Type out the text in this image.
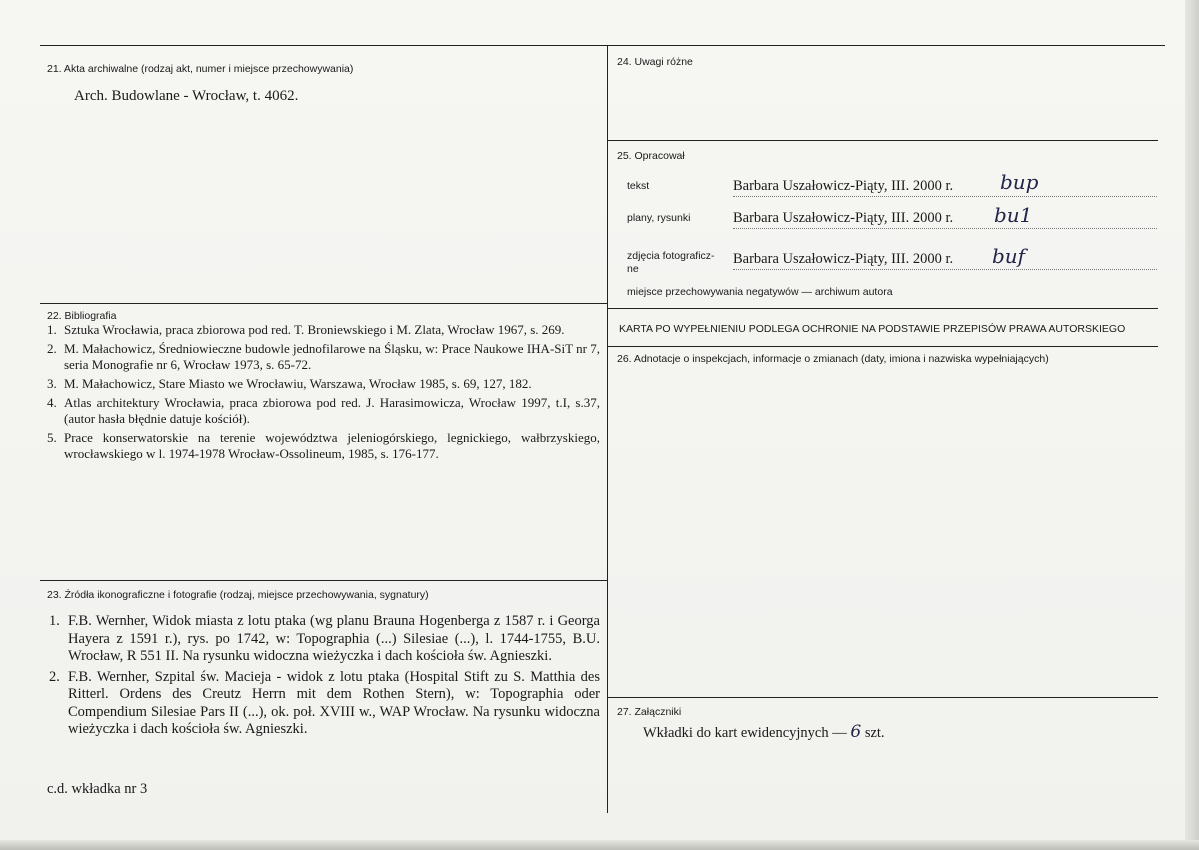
21. Akta archiwalne (rodzaj akt, numer i miejsce przechowywania)
Arch. Budowlane - Wrocław, t. 4062.
24. Uwagi różne
25. Opracował
tekst	Barbara Uszałowicz-Piąty, III. 2000 r. bup
plany, rysunki	Barbara Uszałowicz-Piąty, III. 2000 r. bu1
zdjęcia fotograficz-
ne
Barbara Uszałowicz-Piąty, III. 2000 r. buf
miejsce przechowywania negatywów — archiwum autora
KARTA PO WYPEŁNIENIU PODLEGA OCHRONIE NA PODSTAWIE PRZEPISÓW PRAWA AUTORSKIEGO
22. Bibliografia
1. Sztuka Wrocławia, praca zbiorowa pod red. T. Broniewskiego i M. Zlata, Wrocław 1967, s. 269.
2. M. Małachowicz, Średniowieczne budowle jednofilarowe na Śląsku, w: Prace Naukowe IHA-SiT nr 7, seria Monografie nr 6, Wrocław 1973, s. 65-72.
3. M. Małachowicz, Stare Miasto we Wrocławiu, Warszawa, Wrocław 1985, s. 69, 127, 182.
4. Atlas architektury Wrocławia, praca zbiorowa pod red. J. Harasimowicza, Wrocław 1997, t.I, s.37, (autor hasła błędnie datuje kościół).
5. Prace konserwatorskie na terenie województwa jeleniogórskiego, legnickiego, wałbrzyskiego, wrocławskiego w l. 1974-1978 Wrocław-Ossolineum, 1985, s. 176-177.
26. Adnotacje o inspekcjach, informacje o zmianach (daty, imiona i nazwiska wypełniających)
23. Źródła ikonograficzne i fotografie (rodzaj, miejsce przechowywania, sygnatury)
1. F.B. Wernher, Widok miasta z lotu ptaka (wg planu Brauna Hogenberga z 1587 r. i Georga Hayera z 1591 r.), rys. po 1742, w: Topographia (...) Silesiae (...), l. 1744-1755, B.U. Wrocław, R 551 II. Na rysunku widoczna wieżyczka i dach kościoła św. Agnieszki.
2. F.B. Wernher, Szpital św. Macieja - widok z lotu ptaka (Hospital Stift zu S. Matthia des Ritterl. Ordens des Creutz Herrn mit dem Rothen Stern), w: Topographia oder Compendium Silesiae Pars II (...), ok. poł. XVIII w., WAP Wrocław. Na rysunku widoczna wieżyczka i dach kościoła św. Agnieszki.
c.d. wkładka nr 3
27. Załączniki
Wkładki do kart ewidencyjnych — 6 szt.
